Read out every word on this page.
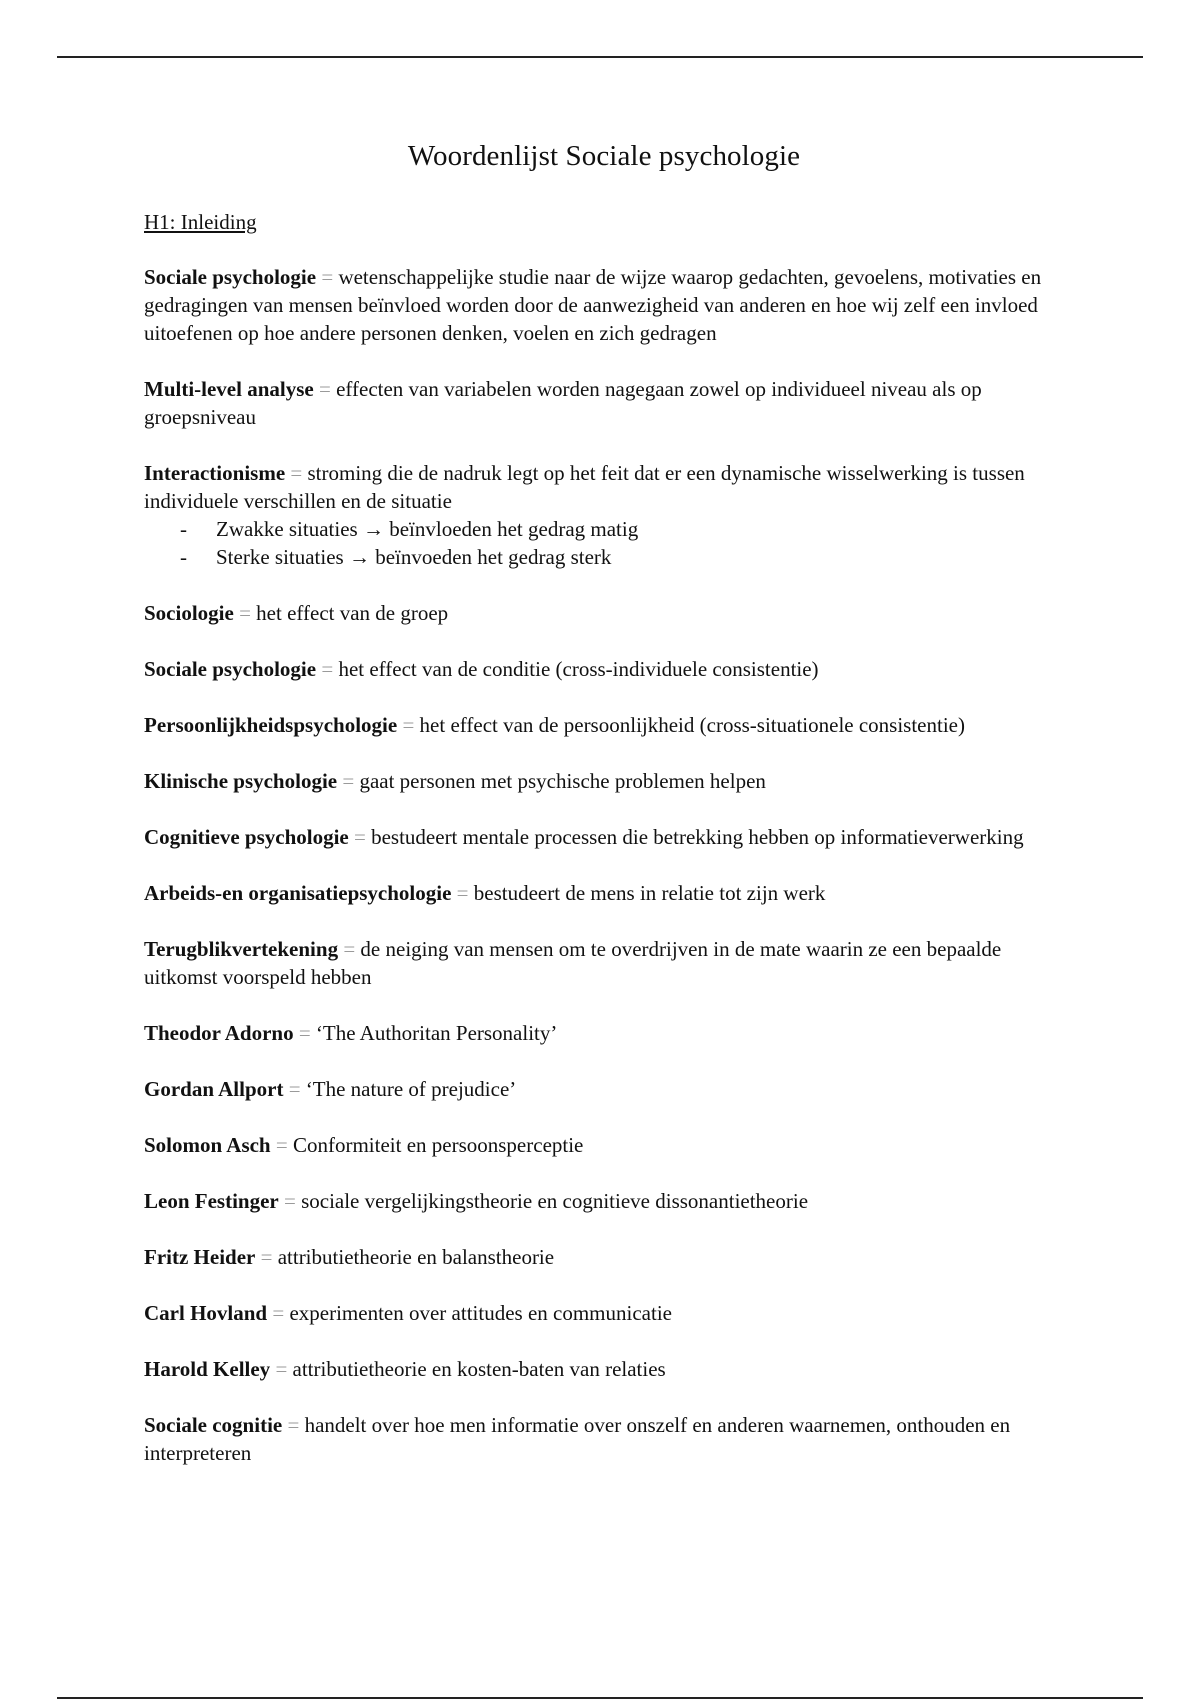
Woordenlijst Sociale psychologie
H1: Inleiding
Sociale psychologie = wetenschappelijke studie naar de wijze waarop gedachten, gevoelens, motivaties en gedragingen van mensen beïnvloed worden door de aanwezigheid van anderen en hoe wij zelf een invloed uitoefenen op hoe andere personen denken, voelen en zich gedragen
Multi-level analyse = effecten van variabelen worden nagegaan zowel op individueel niveau als op groepsniveau
Interactionisme = stroming die de nadruk legt op het feit dat er een dynamische wisselwerking is tussen individuele verschillen en de situatie
- Zwakke situaties → beïnvloeden het gedrag matig
- Sterke situaties → beïnvoeden het gedrag sterk
Sociologie = het effect van de groep
Sociale psychologie = het effect van de conditie (cross-individuele consistentie)
Persoonlijkheidspsychologie = het effect van de persoonlijkheid (cross-situationele consistentie)
Klinische psychologie = gaat personen met psychische problemen helpen
Cognitieve psychologie = bestudeert mentale processen die betrekking hebben op informatieverwerking
Arbeids-en organisatiepsychologie = bestudeert de mens in relatie tot zijn werk
Terugblikvertekening = de neiging van mensen om te overdrijven in de mate waarin ze een bepaalde uitkomst voorspeld hebben
Theodor Adorno = ‘The Authoritan Personality’
Gordan Allport = ‘The nature of prejudice’
Solomon Asch = Conformiteit en persoonsperceptie
Leon Festinger = sociale vergelijkingstheorie en cognitieve dissonantietheorie
Fritz Heider = attributietheorie en balanstheorie
Carl Hovland = experimenten over attitudes en communicatie
Harold Kelley = attributietheorie en kosten-baten van relaties
Sociale cognitie = handelt over hoe men informatie over onszelf en anderen waarnemen, onthouden en interpreteren
